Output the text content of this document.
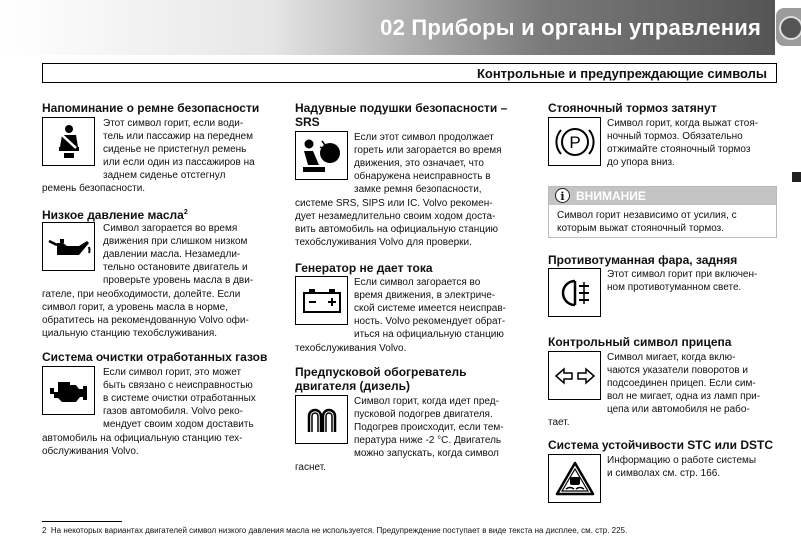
02 Приборы и органы управления
Контрольные и предупреждающие символы
Напоминание о ремне безопасности
Этот символ горит, если води-
тель или пассажир на переднем
сиденье не пристегнул ремень
или если один из пассажиров на
заднем сиденье отстегнул
ремень безопасности.
Низкое давление масла$^2$
Символ загорается во время
движения при слишком низком
давлении масла. Незамедли-
тельно остановите двигатель и
проверьте уровень масла в дви-
гателе, при необходимости, долейте. Если
символ горит, а уровень масла в норме,
обратитесь на рекомендованную Volvo офи-
циальную станцию техобслуживания.
Система очистки отработанных газов
Если символ горит, это может
быть связано с неисправностью
в системе очистки отработанных
газов автомобиля. Volvo реко-
мендует своим ходом доставить
автомобиль на официальную станцию тех-
обслуживания Volvo.
Надувные подушки безопасности –
SRS
Если этот символ продолжает
гореть или загорается во время
движения, это означает, что
обнаружена неисправность в
замке ремня безопасности,
системе SRS, SIPS или IC. Volvo рекомен-
дует незамедлительно своим ходом доста-
вить автомобиль на официальную станцию
техобслуживания Volvo для проверки.
Генератор не дает тока
Если символ загорается во
время движения, в электриче-
ской системе имеется неисправ-
ность. Volvo рекомендует обрат-
иться на официальную станцию
техобслуживания Volvo.
Предпусковой обогреватель
двигателя (дизель)
Символ горит, когда идет пред-
пусковой подогрев двигателя.
Подогрев происходит, если тем-
пература ниже -2 °C. Двигатель
можно запускать, когда символ
гаснет.
Стояночный тормоз затянут
P
Символ горит, когда выжат стоя-
ночный тормоз. Обязательно
отжимайте стояночный тормоз
до упора вниз.
i ВНИМАНИЕ
Символ горит независимо от усилия, с
которым выжат стояночный тормоз.
Противотуманная фара, задняя
Этот символ горит при включен-
ном противотуманном свете.
Контрольный символ прицепа
Символ мигает, когда вклю-
чаются указатели поворотов и
подсоединен прицеп. Если сим-
вол не мигает, одна из ламп при-
цепа или автомобиля не рабо-
тает.
Система устойчивости STC или DSTC
Информацию о работе системы
и символах см. стр. 166.
2 На некоторых вариантах двигателей символ низкого давления масла не используется. Предупреждение поступает в виде текста на дисплее, см. стр. 225.
